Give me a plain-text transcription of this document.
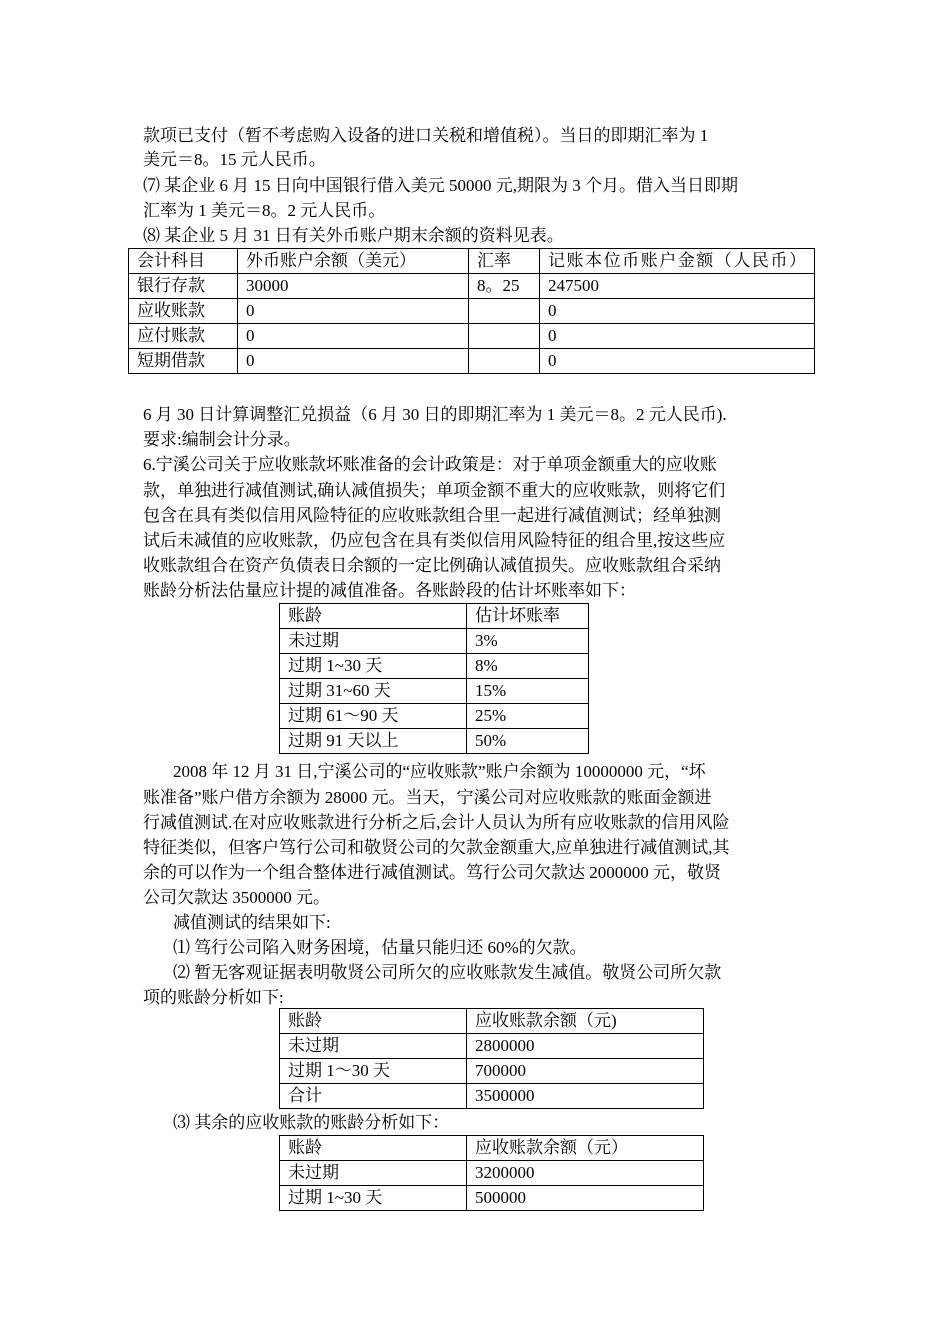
款项已支付（暂不考虑购入设备的进口关税和增值税）。当日的即期汇率为 1
美元＝8。15 元人民币。
⑺ 某企业 6 月 15 日向中国银行借入美元 50000 元,期限为 3 个月。借入当日即期
汇率为 1 美元＝8。2 元人民币。
⑻ 某企业 5 月 31 日有关外币账户期末余额的资料见表。
会计科目	外币账户余额（美元）	汇率	记账本位币账户金额（人民币）
银行存款	30000	8。25	247500
应收账款	0		0
应付账款	0		0
短期借款	0		0
6 月 30 日计算调整汇兑损益（6 月 30 日的即期汇率为 1 美元＝8。2 元人民币).
要求:编制会计分录。
6.宁溪公司关于应收账款坏账准备的会计政策是：对于单项金额重大的应收账
款，单独进行减值测试,确认减值损失；单项金额不重大的应收账款，则将它们
包含在具有类似信用风险特征的应收账款组合里一起进行减值测试；经单独测
试后未减值的应收账款，仍应包含在具有类似信用风险特征的组合里,按这些应
收账款组合在资产负债表日余额的一定比例确认减值损失。应收账款组合采纳
账龄分析法估量应计提的减值准备。各账龄段的估计坏账率如下：
账龄	估计坏账率
未过期	3%
过期 1~30 天	8%
过期 31~60 天	15%
过期 61～90 天	25%
过期 91 天以上	50%
2008 年 12 月 31 日,宁溪公司的“应收账款”账户余额为 10000000 元，“坏
账准备”账户借方余额为 28000 元。当天，宁溪公司对应收账款的账面金额进
行减值测试.在对应收账款进行分析之后,会计人员认为所有应收账款的信用风险
特征类似，但客户笃行公司和敬贤公司的欠款金额重大,应单独进行减值测试,其
余的可以作为一个组合整体进行减值测试。笃行公司欠款达 2000000 元，敬贤
公司欠款达 3500000 元。
减值测试的结果如下:
⑴ 笃行公司陷入财务困境，估量只能归还 60%的欠款。
⑵ 暂无客观证据表明敬贤公司所欠的应收账款发生减值。敬贤公司所欠款
项的账龄分析如下:
账龄	应收账款余额（元)
未过期	2800000
过期 1～30 天	700000
合计	3500000
⑶ 其余的应收账款的账龄分析如下：
账龄	应收账款余额（元）
未过期	3200000
过期 1~30 天	500000
